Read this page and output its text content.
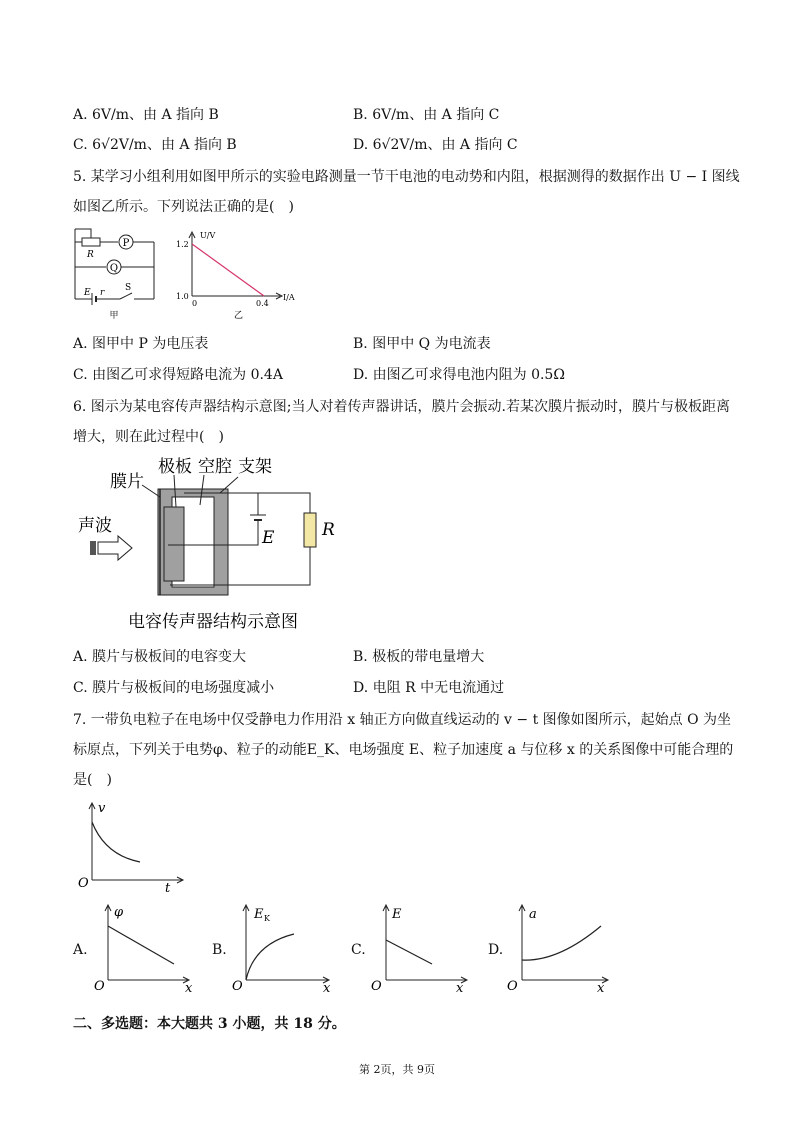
A. 6V/m、由 A 指向 B	B. 6V/m、由 A 指向 C
C. 6√2V/m、由 A 指向 B	D. 6√2V/m、由 A 指向 C
5. 某学习小组利用如图甲所示的实验电路测量一节干电池的电动势和内阻，根据测得的数据作出 U − I 图线
如图乙所示。下列说法正确的是(　)
P
Q
R
E r S
甲
U/V
I/A
1.2
1.0
0	0.4
乙
A. 图甲中 P 为电压表	B. 图甲中 Q 为电流表
C. 由图乙可求得短路电流为 0.4A	D. 由图乙可求得电池内阻为 0.5Ω
6. 图示为某电容传声器结构示意图;当人对着传声器讲话，膜片会振动.若某次膜片振动时，膜片与极板距离
增大，则在此过程中(　)
膜片
极板 空腔 支架
声波
E	R
电容传声器结构示意图
A. 膜片与极板间的电容变大	B. 极板的带电量增大
C. 膜片与极板间的电场强度减小	D. 电阻 R 中无电流通过
7. 一带负电粒子在电场中仅受静电力作用沿 x 轴正方向做直线运动的 v − t 图像如图所示，起始点 O 为坐
标原点，下列关于电势φ、粒子的动能E_K、电场强度 E、粒子加速度 a 与位移 x 的关系图像中可能合理的
是(　)
v
t
O
A.
φ
x
O
B.
E K
x
O
C.
E
x
O
D.
a
x
O
二、多选题：本大题共 3 小题，共 18 分。
第 2页，共 9页
